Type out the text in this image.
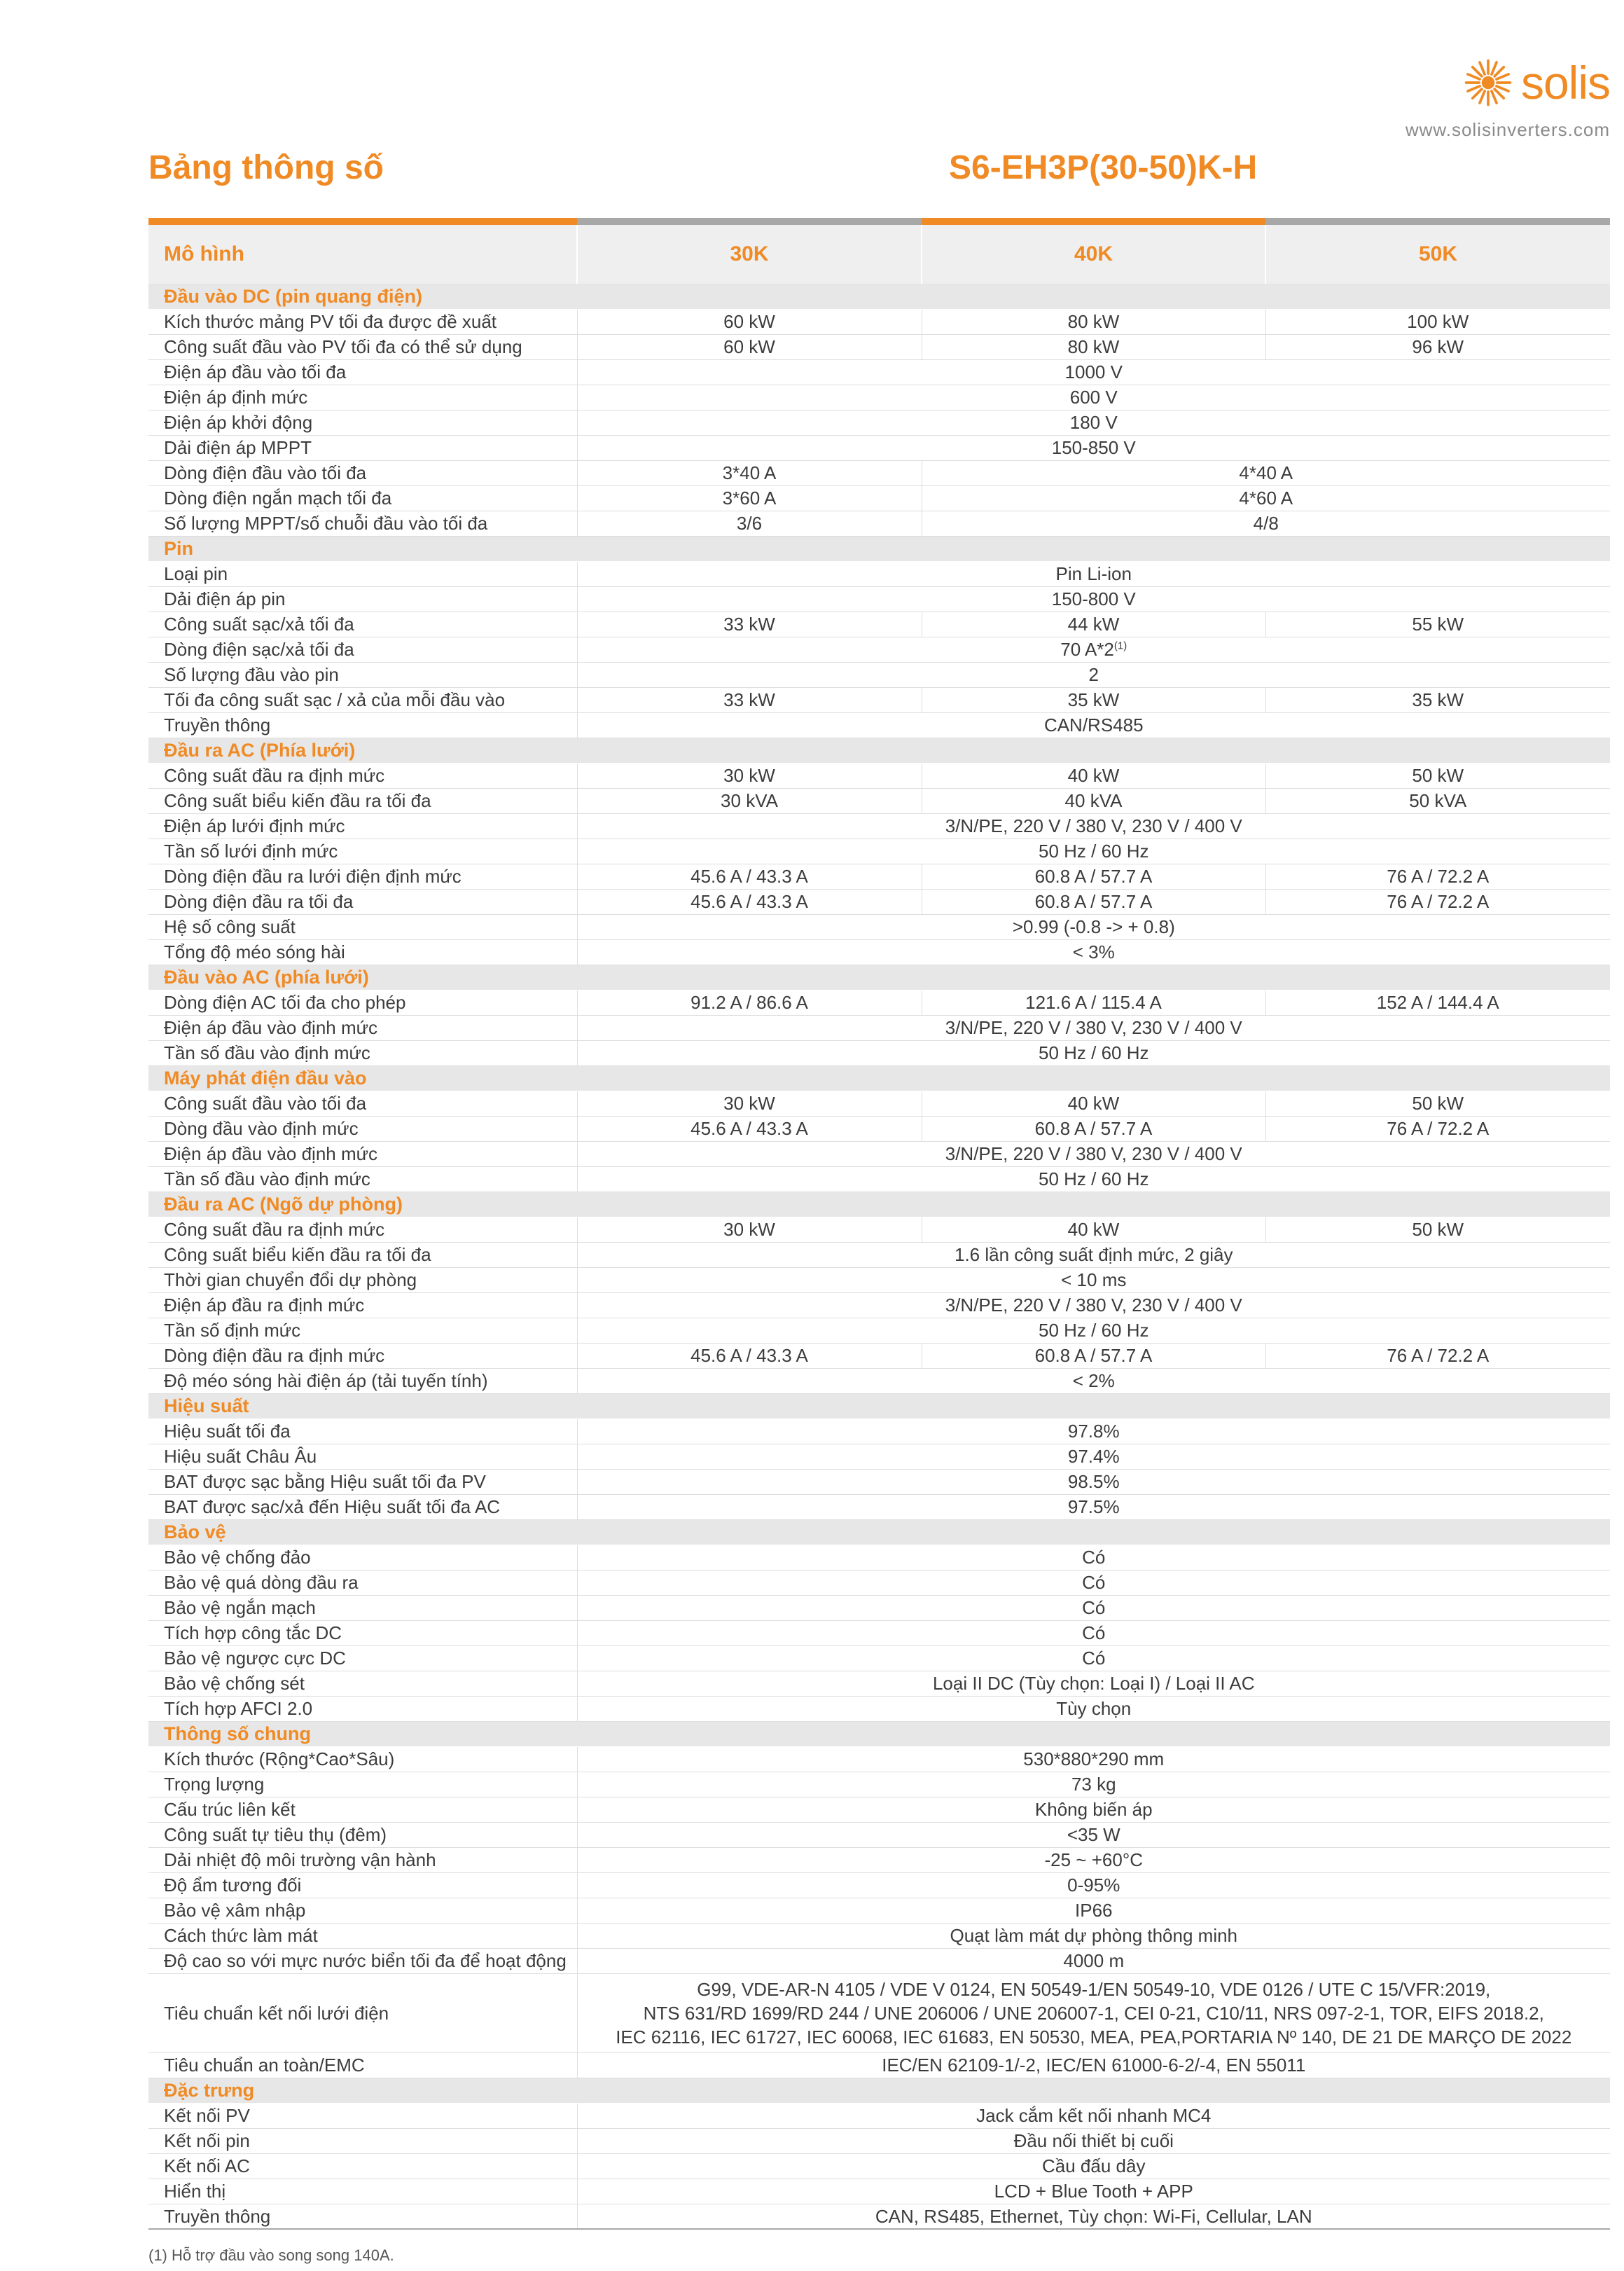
solis
www.solisinverters.com
Bảng thông số	S6-EH3P(30-50)K-H
Mô hình	30K	40K	50K
Đầu vào DC (pin quang điện)			
Kích thước mảng PV tối đa được đề xuất	60 kW	80 kW	100 kW
Công suất đầu vào PV tối đa có thể sử dụng	60 kW	80 kW	96 kW
Điện áp đầu vào tối đa	1000 V		
Điện áp định mức	600 V		
Điện áp khởi động	180 V		
Dải điện áp MPPT	150-850 V		
Dòng điện đầu vào tối đa	3*40 A	4*40 A	
Dòng điện ngắn mạch tối đa	3*60 A	4*60 A	
Số lượng MPPT/số chuỗi đầu vào tối đa	3/6	4/8	
Pin			
Loại pin	Pin Li-ion		
Dải điện áp pin	150-800 V		
Công suất sạc/xả tối đa	33 kW	44 kW	55 kW
Dòng điện sạc/xả tối đa	70 A*2$^{(1)}$
Số lượng đầu vào pin	2		
Tối đa công suất sạc / xả của mỗi đầu vào	33 kW	35 kW	35 kW
Truyền thông	CAN/RS485		
Đầu ra AC (Phía lưới)			
Công suất đầu ra định mức	30 kW	40 kW	50 kW
Công suất biểu kiến đầu ra tối đa	30 kVA	40 kVA	50 kVA
Điện áp lưới định mức	3/N/PE, 220 V / 380 V, 230 V / 400 V		
Tần số lưới định mức	50 Hz / 60 Hz		
Dòng điện đầu ra lưới điện định mức	45.6 A / 43.3 A	60.8 A / 57.7 A	76 A / 72.2 A
Dòng điện đầu ra tối đa	45.6 A / 43.3 A	60.8 A / 57.7 A	76 A / 72.2 A
Hệ số công suất	>0.99 (-0.8 -> + 0.8)		
Tổng độ méo sóng hài	< 3%		
Đầu vào AC (phía lưới)			
Dòng điện AC tối đa cho phép	91.2 A / 86.6 A	121.6 A / 115.4 A	152 A / 144.4 A
Điện áp đầu vào định mức	3/N/PE, 220 V / 380 V, 230 V / 400 V		
Tần số đầu vào định mức	50 Hz / 60 Hz		
Máy phát điện đầu vào			
Công suất đầu vào tối đa	30 kW	40 kW	50 kW
Dòng đầu vào định mức	45.6 A / 43.3 A	60.8 A / 57.7 A	76 A / 72.2 A
Điện áp đầu vào định mức	3/N/PE, 220 V / 380 V, 230 V / 400 V		
Tần số đầu vào định mức	50 Hz / 60 Hz		
Đầu ra AC (Ngõ dự phòng)			
Công suất đầu ra định mức	30 kW	40 kW	50 kW
Công suất biểu kiến đầu ra tối đa	1.6 lần công suất định mức, 2 giây		
Thời gian chuyển đổi dự phòng	< 10 ms		
Điện áp đầu ra định mức	3/N/PE, 220 V / 380 V, 230 V / 400 V		
Tần số định mức	50 Hz / 60 Hz		
Dòng điện đầu ra định mức	45.6 A / 43.3 A	60.8 A / 57.7 A	76 A / 72.2 A
Độ méo sóng hài điện áp (tải tuyến tính)	< 2%		
Hiệu suất			
Hiệu suất tối đa	97.8%		
Hiệu suất Châu Âu	97.4%		
BAT được sạc bằng Hiệu suất tối đa PV	98.5%		
BAT được sạc/xả đến Hiệu suất tối đa AC	97.5%		
Bảo vệ			
Bảo vệ chống đảo	Có		
Bảo vệ quá dòng đầu ra	Có		
Bảo vệ ngắn mạch	Có		
Tích hợp công tắc DC	Có		
Bảo vệ ngược cực DC	Có		
Bảo vệ chống sét	Loại II DC (Tùy chọn: Loại I) / Loại II AC		
Tích hợp AFCI 2.0	Tùy chọn		
Thông số chung			
Kích thước (Rộng*Cao*Sâu)	530*880*290 mm		
Trọng lượng	73 kg		
Cấu trúc liên kết	Không biến áp		
Công suất tự tiêu thụ (đêm)	<35 W		
Dải nhiệt độ môi trường vận hành	-25 ~ +60°C		
Độ ẩm tương đối	0-95%		
Bảo vệ xâm nhập	IP66		
Cách thức làm mát	Quạt làm mát dự phòng thông minh		
Độ cao so với mực nước biển tối đa để hoạt động	4000 m		
Tiêu chuẩn kết nối lưới điện	G99, VDE-AR-N 4105 / VDE V 0124, EN 50549-1/EN 50549-10, VDE 0126 / UTE C 15/VFR:2019,
NTS 631/RD 1699/RD 244 / UNE 206006 / UNE 206007-1, CEI 0-21, C10/11, NRS 097-2-1, TOR, EIFS 2018.2,
IEC 62116, IEC 61727, IEC 60068, IEC 61683, EN 50530, MEA, PEA,PORTARIA Nº 140, DE 21 DE MARÇO DE 2022		
Tiêu chuẩn an toàn/EMC	IEC/EN 62109-1/-2, IEC/EN 61000-6-2/-4, EN 55011		
Đặc trưng			
Kết nối PV	Jack cắm kết nối nhanh MC4		
Kết nối pin	Đầu nối thiết bị cuối		
Kết nối AC	Cầu đấu dây		
Hiển thị	LCD + Blue Tooth + APP		
Truyền thông	CAN, RS485, Ethernet, Tùy chọn: Wi-Fi, Cellular, LAN		
(1) Hỗ trợ đầu vào song song 140A.
